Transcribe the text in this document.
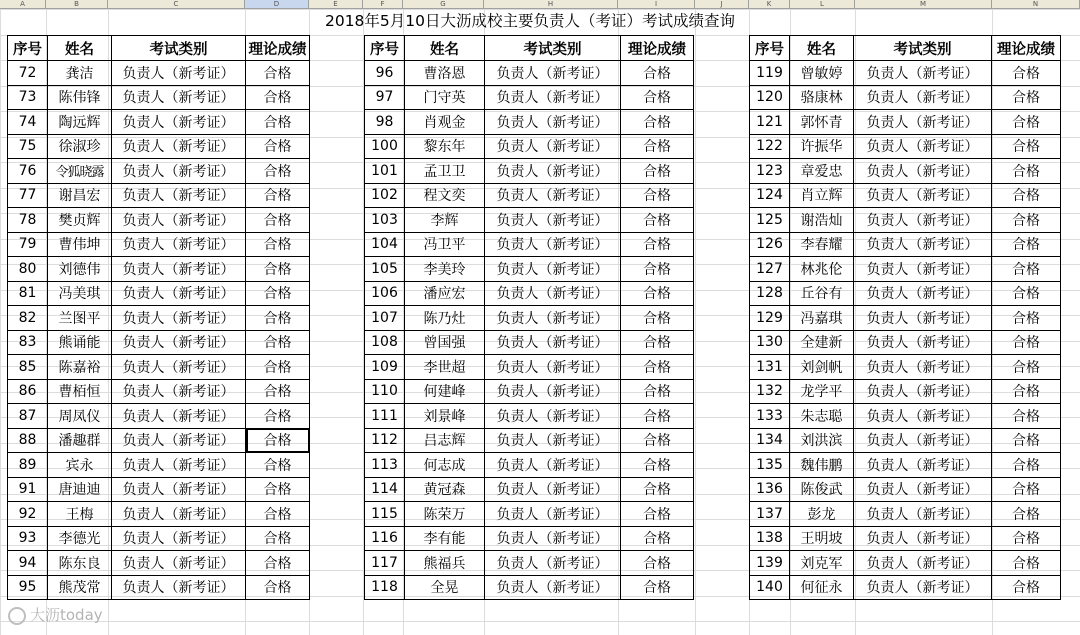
A	B	C	D	E	F	G	H	I	J	K	L	M	N
2018年5月10日大沥成校主要负责人（考证）考试成绩查询
序号	姓名	考试类别	理论成绩
72	龚洁	负责人（新考证）	合格
73	陈伟锋	负责人（新考证）	合格
74	陶远辉	负责人（新考证）	合格
75	徐淑珍	负责人（新考证）	合格
76	令狐晓露	负责人（新考证）	合格
77	谢昌宏	负责人（新考证）	合格
78	樊贞辉	负责人（新考证）	合格
79	曹伟坤	负责人（新考证）	合格
80	刘德伟	负责人（新考证）	合格
81	冯美琪	负责人（新考证）	合格
82	兰图平	负责人（新考证）	合格
83	熊诵能	负责人（新考证）	合格
85	陈嘉裕	负责人（新考证）	合格
86	曹栢恒	负责人（新考证）	合格
87	周凤仪	负责人（新考证）	合格
88	潘趣群	负责人（新考证）	合格
89	宾永	负责人（新考证）	合格
91	唐迪迪	负责人（新考证）	合格
92	王梅	负责人（新考证）	合格
93	李德光	负责人（新考证）	合格
94	陈东良	负责人（新考证）	合格
95	熊茂常	负责人（新考证）	合格
序号	姓名	考试类别	理论成绩
96	曹洛恩	负责人（新考证）	合格
97	门守英	负责人（新考证）	合格
98	肖观金	负责人（新考证）	合格
100	黎东年	负责人（新考证）	合格
101	孟卫卫	负责人（新考证）	合格
102	程文奕	负责人（新考证）	合格
103	李辉	负责人（新考证）	合格
104	冯卫平	负责人（新考证）	合格
105	李美玲	负责人（新考证）	合格
106	潘应宏	负责人（新考证）	合格
107	陈乃灶	负责人（新考证）	合格
108	曾国强	负责人（新考证）	合格
109	李世超	负责人（新考证）	合格
110	何建峰	负责人（新考证）	合格
111	刘景峰	负责人（新考证）	合格
112	吕志辉	负责人（新考证）	合格
113	何志成	负责人（新考证）	合格
114	黄冠森	负责人（新考证）	合格
115	陈荣万	负责人（新考证）	合格
116	李有能	负责人（新考证）	合格
117	熊福兵	负责人（新考证）	合格
118	全晃	负责人（新考证）	合格
序号	姓名	考试类别	理论成绩
119	曾敏婷	负责人（新考证）	合格
120	骆康林	负责人（新考证）	合格
121	郭怀青	负责人（新考证）	合格
122	许振华	负责人（新考证）	合格
123	章爱忠	负责人（新考证）	合格
124	肖立辉	负责人（新考证）	合格
125	谢浩灿	负责人（新考证）	合格
126	李春耀	负责人（新考证）	合格
127	林兆伦	负责人（新考证）	合格
128	丘谷有	负责人（新考证）	合格
129	冯嘉琪	负责人（新考证）	合格
130	全建新	负责人（新考证）	合格
131	刘剑帆	负责人（新考证）	合格
132	龙学平	负责人（新考证）	合格
133	朱志聪	负责人（新考证）	合格
134	刘洪滨	负责人（新考证）	合格
135	魏伟鹏	负责人（新考证）	合格
136	陈俊武	负责人（新考证）	合格
137	彭龙	负责人（新考证）	合格
138	王明坡	负责人（新考证）	合格
139	刘克军	负责人（新考证）	合格
140	何征永	负责人（新考证）	合格
大沥today
